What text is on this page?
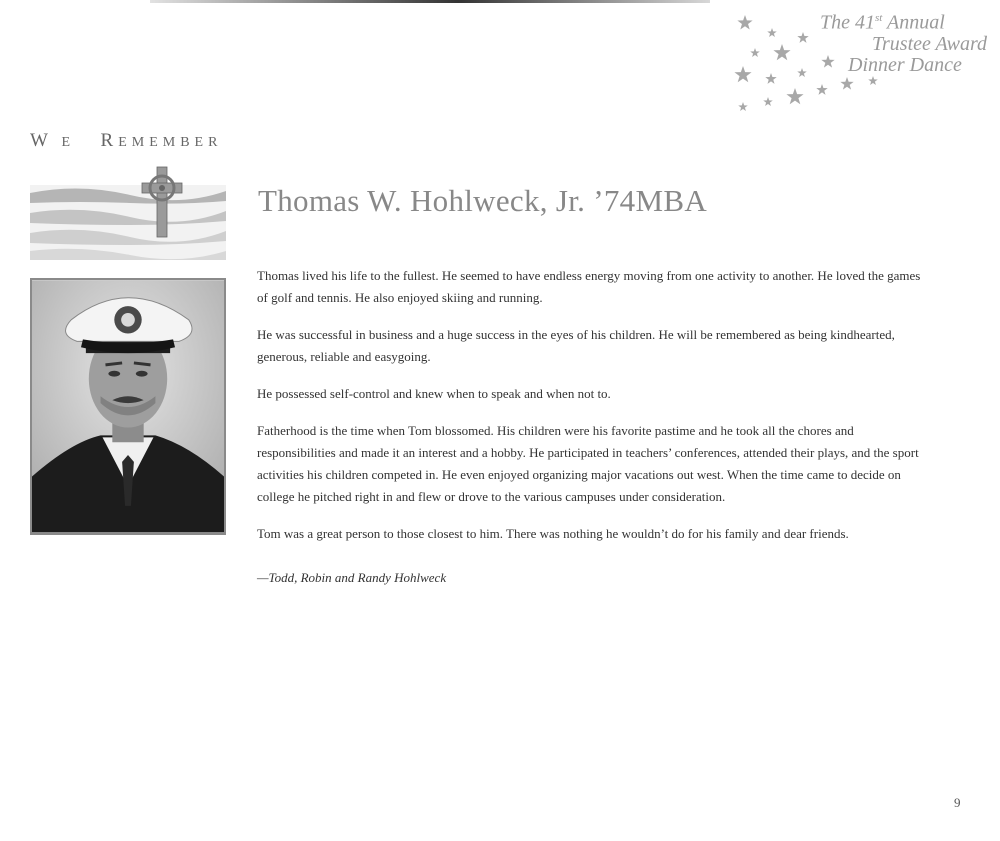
The 41st Annual
Trustee Award
Dinner Dance
W E REMEMBER
Thomas W. Hohlweck, Jr. ’74MBA

Thomas lived his life to the fullest. He seemed to have endless energy moving from one activity to another. He loved the games of golf and tennis. He also enjoyed skiing and running.

He was successful in business and a huge success in the eyes of his children. He will be remembered as being kindhearted, generous, reliable and easygoing.

He possessed self-control and knew when to speak and when not to.

Fatherhood is the time when Tom blossomed. His children were his favorite pastime and he took all the chores and responsibilities and made it an interest and a hobby. He participated in teachers’ conferences, attended their plays, and the sport activities his children competed in. He even enjoyed organizing major vacations out west. When the time came to decide on college he pitched right in and flew or drove to the various campuses under consideration.

Tom was a great person to those closest to him. There was nothing he wouldn’t do for his family and dear friends.

—Todd, Robin and Randy Hohlweck
9
